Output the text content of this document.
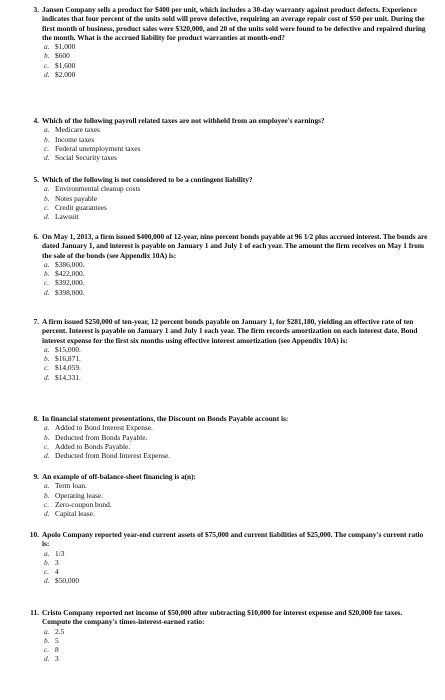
3. Jansen Company sells a product for $400 per unit, which includes a 30-day warranty against product defects. Experience indicates that four percent of the units sold will prove defective, requiring an average repair cost of $50 per unit. During the first month of business, product sales were $320,000, and 20 of the units sold were found to be defective and repaired during the month. What is the accrued liability for product warranties at month-end?
a. $1,000
b. $600
c. $1,600
d. $2,000
4. Which of the following payroll related taxes are not withheld from an employee's earnings?
a. Medicare taxes
b. Income taxes
c. Federal unemployment taxes
d. Social Security taxes
5. Which of the following is not considered to be a contingent liability?
a. Environmental cleanup costs
b. Notes payable
c. Credit guarantees
d. Lawsuit
6. On May 1, 2013, a firm issued $400,000 of 12-year, nine percent bonds payable at 96 1/2 plus accrued interest. The bonds are dated January 1, and interest is payable on January 1 and July 1 of each year. The amount the firm receives on May 1 from the sale of the bonds (see Appendix 10A) is:
a. $386,000.
b. $422,000.
c. $392,000.
d. $398,000.
7. A firm issued $250,000 of ten-year, 12 percent bonds payable on January 1, for $281,180, yielding an effective rate of ten percent. Interest is payable on January 1 and July 1 each year. The firm records amortization on each interest date. Bond interest expense for the first six months using effective interest amortization (see Appendix 10A) is:
a. $15,000.
b. $16,871.
c. $14,059.
d. $14,331.
8. In financial statement presentations, the Discount on Bonds Payable account is:
a. Added to Bond Interest Expense.
b. Deducted from Bonds Payable.
c. Added to Bonds Payable.
d. Deducted from Bond Interest Expense.
9. An example of off-balance-sheet financing is a(n):
a. Term loan.
b. Operating lease.
c. Zero-coupon bond.
d. Capital lease.
10. Apolo Company reported year-end current assets of $75,000 and current liabilities of $25,000. The company's current ratio is:
a. 1/3
b. 3
c. 4
d. $50,000
11. Cristo Company reported net income of $50,000 after subtracting $10,000 for interest expense and $20,000 for taxes. Compute the company's times-interest-earned ratio:
a. 2.5
b. 5
c. 8
d. 3
